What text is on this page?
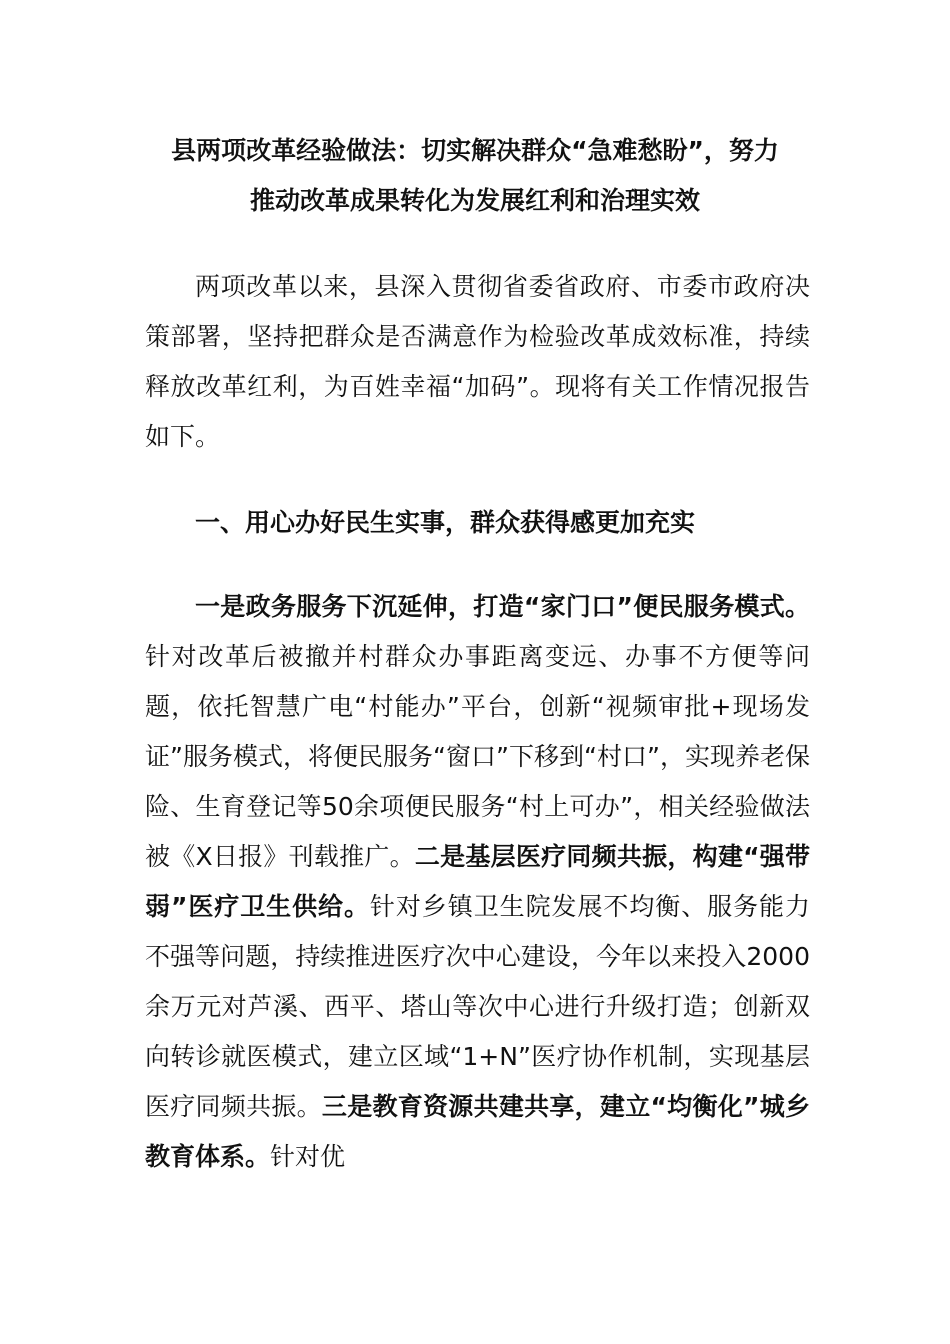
县两项改革经验做法：切实解决群众“急难愁盼”，努力
推动改革成果转化为发展红利和治理实效

两项改革以来，县深入贯彻省委省政府、市委市政府决策部署，坚持把群众是否满意作为检验改革成效标准，持续释放改革红利，为百姓幸福“加码”。现将有关工作情况报告如下。

一、用心办好民生实事，群众获得感更加充实

一是政务服务下沉延伸，打造“家门口”便民服务模式。针对改革后被撤并村群众办事距离变远、办事不方便等问题，依托智慧广电“村能办”平台，创新“视频审批+现场发证”服务模式，将便民服务“窗口”下移到“村口”，实现养老保险、生育登记等50余项便民服务“村上可办”，相关经验做法被《X日报》刊载推广。二是基层医疗同频共振，构建“强带弱”医疗卫生供给。针对乡镇卫生院发展不均衡、服务能力不强等问题，持续推进医疗次中心建设，今年以来投入2000余万元对芦溪、西平、塔山等次中心进行升级打造；创新双向转诊就医模式，建立区域“1+N”医疗协作机制，实现基层医疗同频共振。三是教育资源共建共享，建立“均衡化”城乡教育体系。针对优
